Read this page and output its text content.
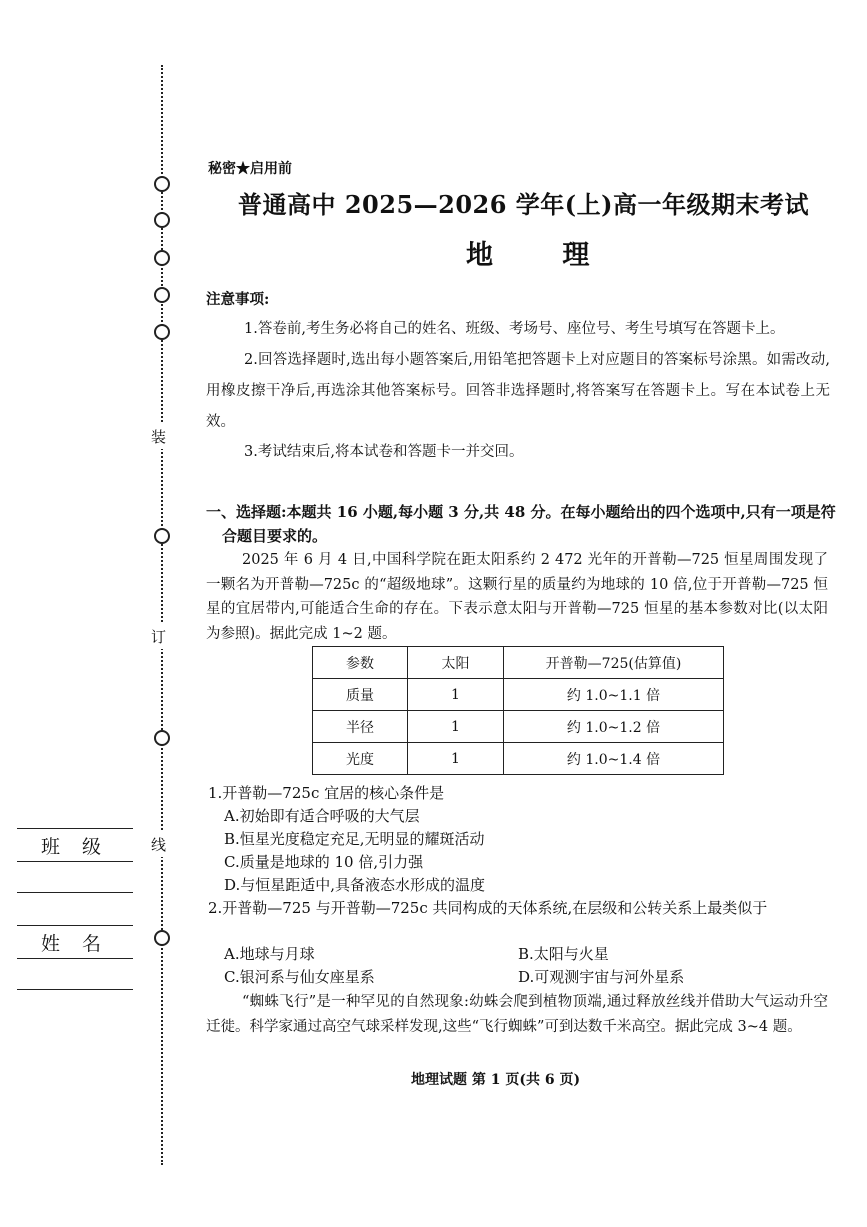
装
订
线
班 级
姓 名
秘密★启用前
普通高中 2025—2026 学年(上)高一年级期末考试
地 理
注意事项:
1.答卷前,考生务必将自己的姓名、班级、考场号、座位号、考生号填写在答题卡上。
2.回答选择题时,选出每小题答案后,用铅笔把答题卡上对应题目的答案标号涂黑。如需改动,用橡皮擦干净后,再选涂其他答案标号。回答非选择题时,将答案写在答题卡上。写在本试卷上无效。
3.考试结束后,将本试卷和答题卡一并交回。
一、选择题:本题共 16 小题,每小题 3 分,共 48 分。在每小题给出的四个选项中,只有一项是符合题目要求的。
2025 年 6 月 4 日,中国科学院在距太阳系约 2 472 光年的开普勒—725 恒星周围发现了一颗名为开普勒—725c 的“超级地球”。这颗行星的质量约为地球的 10 倍,位于开普勒—725 恒星的宜居带内,可能适合生命的存在。下表示意太阳与开普勒—725 恒星的基本参数对比(以太阳为参照)。据此完成 1~2 题。
参数	太阳	开普勒—725(估算值)
质量	1	约 1.0~1.1 倍
半径	1	约 1.0~1.2 倍
光度	1	约 1.0~1.4 倍
1.开普勒—725c 宜居的核心条件是
A.初始即有适合呼吸的大气层
B.恒星光度稳定充足,无明显的耀斑活动
C.质量是地球的 10 倍,引力强
D.与恒星距适中,具备液态水形成的温度
2.开普勒—725 与开普勒—725c 共同构成的天体系统,在层级和公转关系上最类似于
A.地球与月球	B.太阳与火星
C.银河系与仙女座星系	D.可观测宇宙与河外星系
“蜘蛛飞行”是一种罕见的自然现象:幼蛛会爬到植物顶端,通过释放丝线并借助大气运动升空迁徙。科学家通过高空气球采样发现,这些“飞行蜘蛛”可到达数千米高空。据此完成 3~4 题。
地理试题 第 1 页(共 6 页)
